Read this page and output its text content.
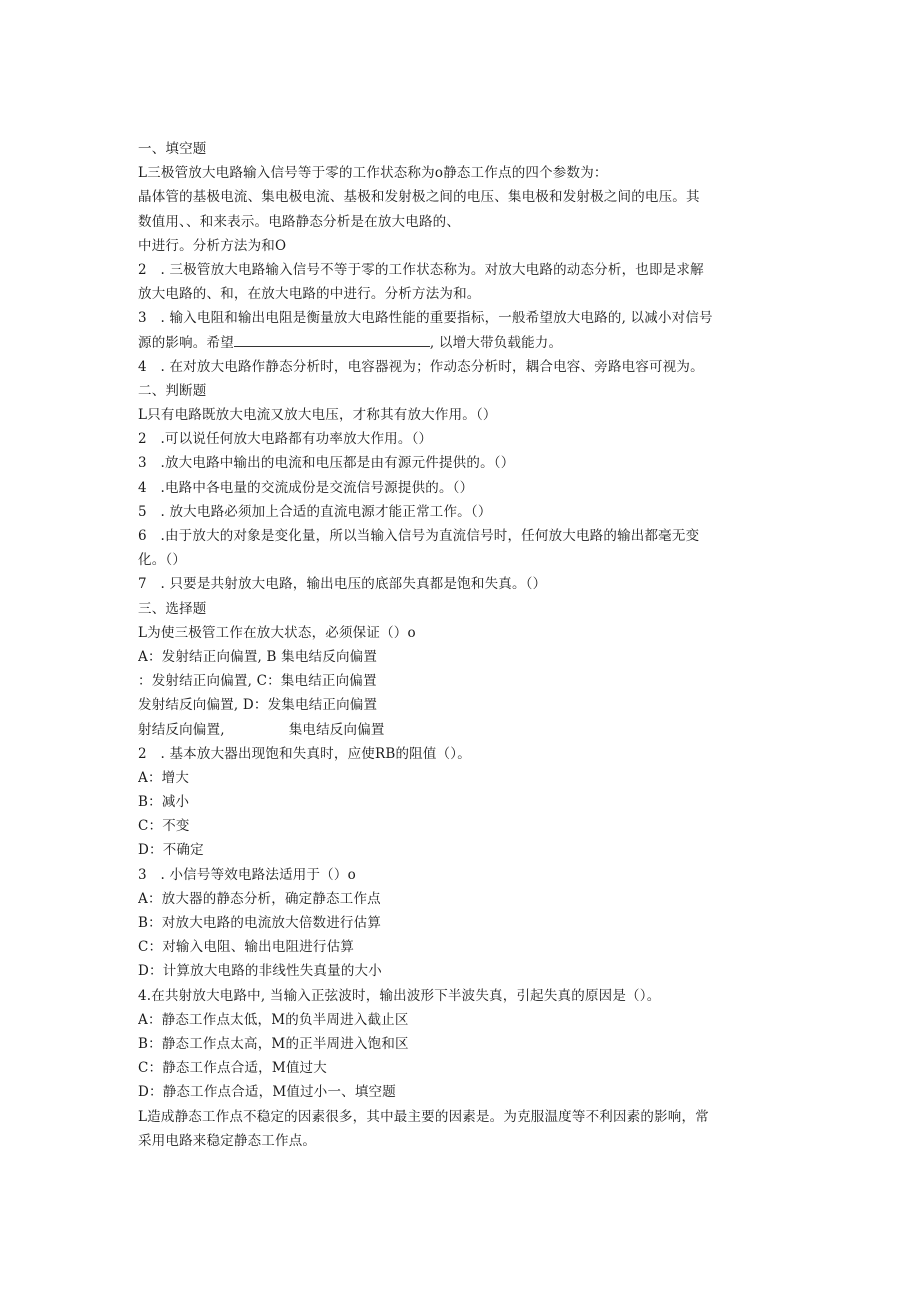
一、填空题
L三极管放大电路输入信号等于零的工作状态称为o静态工作点的四个参数为：
晶体管的基极电流、集电极电流、基极和发射极之间的电压、集电极和发射极之间的电压。其
数值用、、和来表示。电路静态分析是在放大电路的、
中进行。分析方法为和O
2　. 三极管放大电路输入信号不等于零的工作状态称为。对放大电路的动态分析，也即是求解
放大电路的、和，在放大电路的中进行。分析方法为和。
3　. 输入电阻和输出电阻是衡量放大电路性能的重要指标，一般希望放大电路的, 以减小对信号
源的影响。希望	, 以增大带负载能力。
4　. 在对放大电路作静态分析时，电容器视为；作动态分析时，耦合电容、旁路电容可视为。
二、判断题
L只有电路既放大电流又放大电压，才称其有放大作用。（）
2　.可以说任何放大电路都有功率放大作用。（）
3　.放大电路中输出的电流和电压都是由有源元件提供的。（）
4　.电路中各电量的交流成份是交流信号源提供的。（）
5　. 放大电路必须加上合适的直流电源才能正常工作。（）
6　.由于放大的对象是变化量，所以当输入信号为直流信号时，任何放大电路的输出都毫无变
化。（）
7　. 只要是共射放大电路，输出电压的底部失真都是饱和失真。（）
三、选择题
L为使三极管工作在放大状态，必须保证（）o
A：发射结正向偏置, B 集电结反向偏置
：发射结正向偏置, C：集电结正向偏置
发射结反向偏置, D：发集电结正向偏置
射结反向偏置,	集电结反向偏置
2　. 基本放大器出现饱和失真时，应使RB的阻值（）。
A：增大
B：减小
C：不变
D：不确定
3　. 小信号等效电路法适用于（）o
A：放大器的静态分析，确定静态工作点
B：对放大电路的电流放大倍数进行估算
C：对输入电阻、输出电阻进行估算
D：计算放大电路的非线性失真量的大小
4.在共射放大电路中, 当输入正弦波时，输出波形下半波失真，引起失真的原因是（）。
A：静态工作点太低，M的负半周进入截止区
B：静态工作点太高，M的正半周进入饱和区
C：静态工作点合适，M值过大
D：静态工作点合适，M值过小一、填空题
L造成静态工作点不稳定的因素很多，其中最主要的因素是。为克服温度等不利因素的影响，常
采用电路来稳定静态工作点。
